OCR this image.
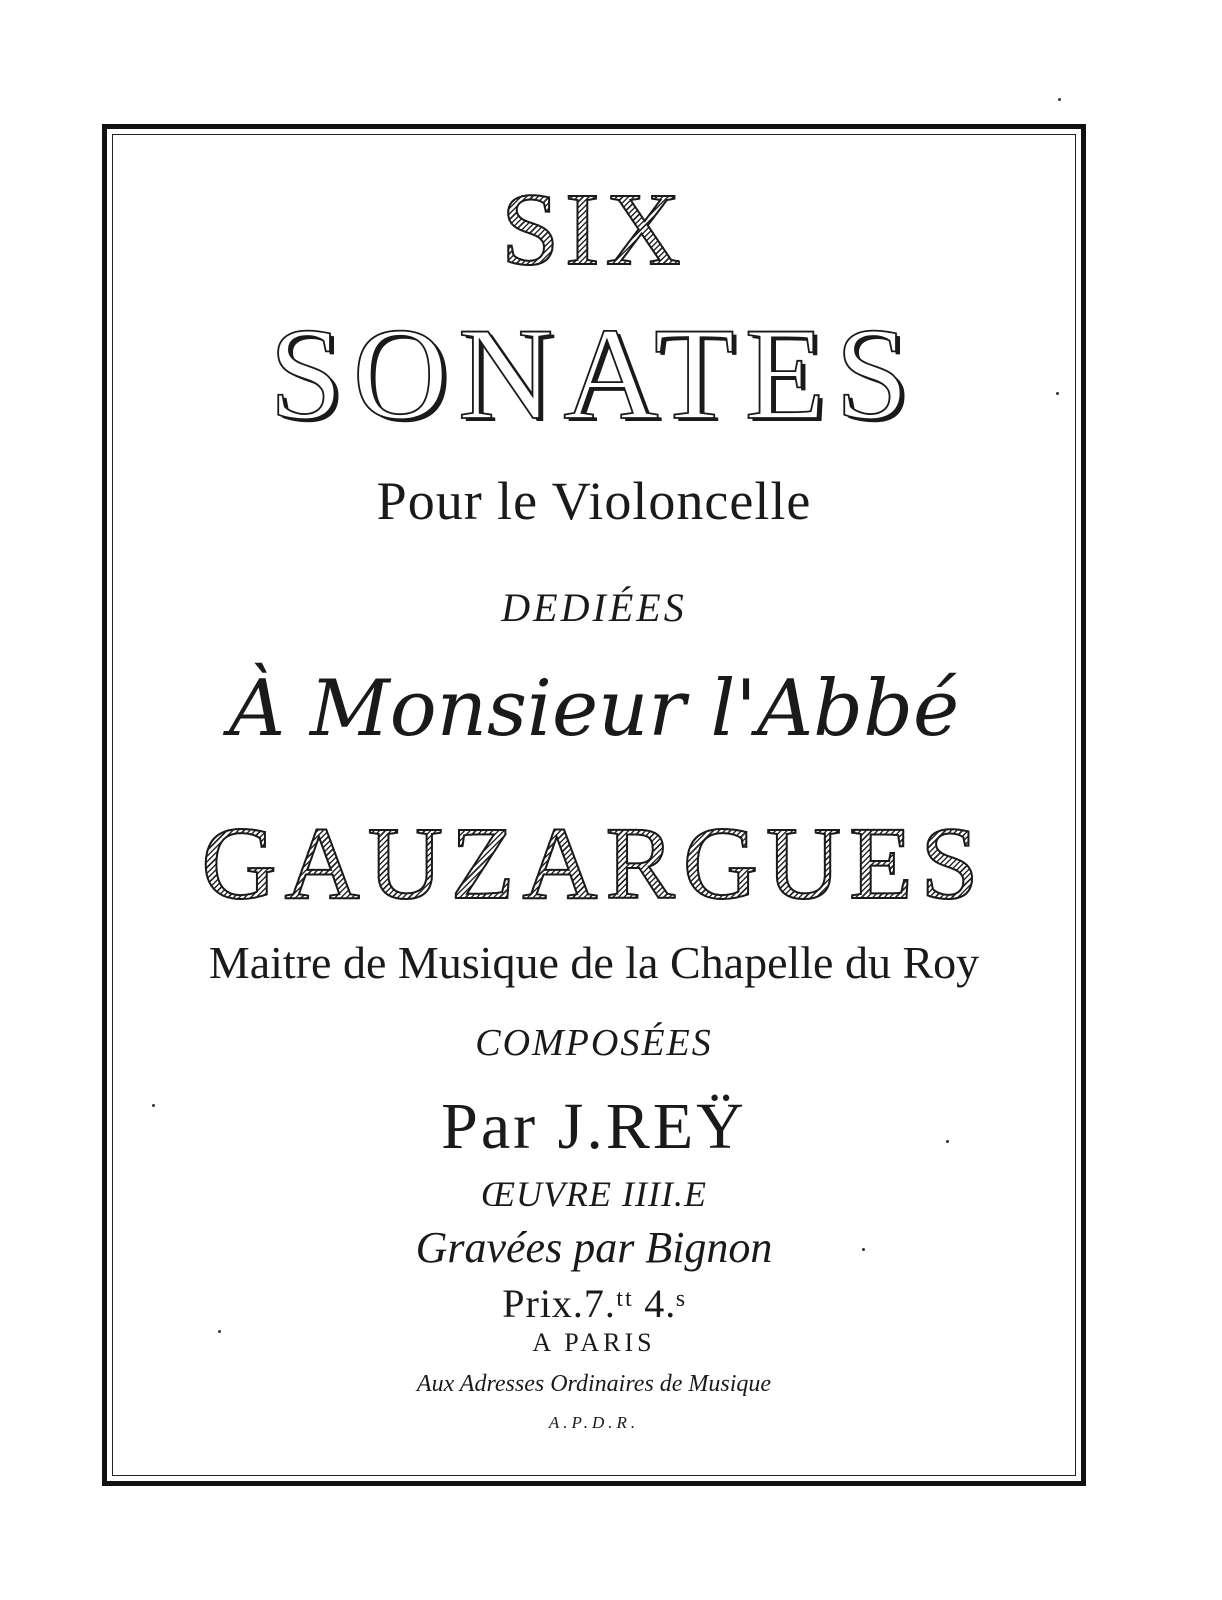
SIX
SONATES
Pour le Violoncelle
DEDIÉES
À Monsieur l'Abbé
GAUZARGUES
Maitre de Musique de la Chapelle du Roy
COMPOSÉES
Par J.REŸ
ŒUVRE IIII.E
Gravées par Bignon
Prix.7.ᵗᵗ 4.ˢ
A PARIS
Aux Adresses Ordinaires de Musique
A.P.D.R.
